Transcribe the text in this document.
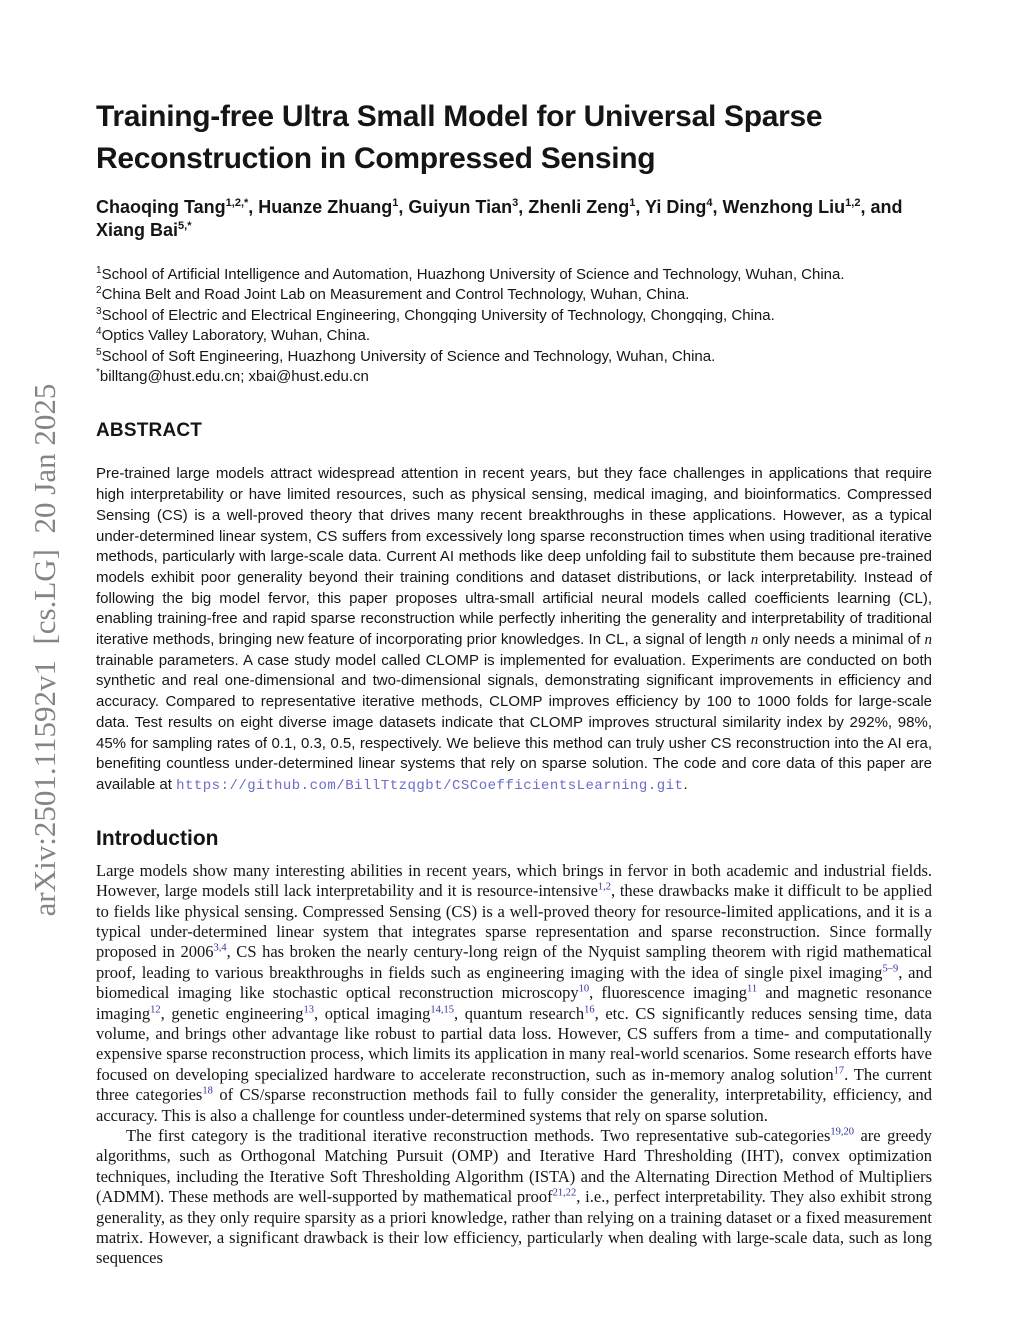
arXiv:2501.11592v1  [cs.LG]  20 Jan 2025
Training-free Ultra Small Model for Universal Sparse Reconstruction in Compressed Sensing

Chaoqing Tang$^{1,2,*}$, Huanze Zhuang$^1$, Guiyun Tian$^3$, Zhenli Zeng$^1$, Yi Ding$^4$, Wenzhong Liu$^{1,2}$, and Xiang Bai$^{5,*}$

$^1$School of Artificial Intelligence and Automation, Huazhong University of Science and Technology, Wuhan, China.

$^2$China Belt and Road Joint Lab on Measurement and Control Technology, Wuhan, China.

$^3$School of Electric and Electrical Engineering, Chongqing University of Technology, Chongqing, China.

$^4$Optics Valley Laboratory, Wuhan, China.

$^5$School of Soft Engineering, Huazhong University of Science and Technology, Wuhan, China.

*billtang@hust.edu.cn; xbai@hust.edu.cn

ABSTRACT

Pre-trained large models attract widespread attention in recent years, but they face challenges in applications that require high interpretability or have limited resources, such as physical sensing, medical imaging, and bioinformatics. Compressed Sensing (CS) is a well-proved theory that drives many recent breakthroughs in these applications. However, as a typical under-determined linear system, CS suffers from excessively long sparse reconstruction times when using traditional iterative methods, particularly with large-scale data. Current AI methods like deep unfolding fail to substitute them because pre-trained models exhibit poor generality beyond their training conditions and dataset distributions, or lack interpretability. Instead of following the big model fervor, this paper proposes ultra-small artificial neural models called coefficients learning (CL), enabling training-free and rapid sparse reconstruction while perfectly inheriting the generality and interpretability of traditional iterative methods, bringing new feature of incorporating prior knowledges. In CL, a signal of length n only needs a minimal of n trainable parameters. A case study model called CLOMP is implemented for evaluation. Experiments are conducted on both synthetic and real one-dimensional and two-dimensional signals, demonstrating significant improvements in efficiency and accuracy. Compared to representative iterative methods, CLOMP improves efficiency by 100 to 1000 folds for large-scale data. Test results on eight diverse image datasets indicate that CLOMP improves structural similarity index by 292%, 98%, 45% for sampling rates of 0.1, 0.3, 0.5, respectively. We believe this method can truly usher CS reconstruction into the AI era, benefiting countless under-determined linear systems that rely on sparse solution. The code and core data of this paper are available at https://github.com/BillTtzqgbt/CSCoefficientsLearning.git.

Introduction

Large models show many interesting abilities in recent years, which brings in fervor in both academic and industrial fields. However, large models still lack interpretability and it is resource-intensive$^{1,2}$, these drawbacks make it difficult to be applied to fields like physical sensing. Compressed Sensing (CS) is a well-proved theory for resource-limited applications, and it is a typical under-determined linear system that integrates sparse representation and sparse reconstruction. Since formally proposed in 2006$^{3,4}$, CS has broken the nearly century-long reign of the Nyquist sampling theorem with rigid mathematical proof, leading to various breakthroughs in fields such as engineering imaging with the idea of single pixel imaging$^{5-9}$, and biomedical imaging like stochastic optical reconstruction microscopy$^{10}$, fluorescence imaging$^{11}$ and magnetic resonance imaging$^{12}$, genetic engineering$^{13}$, optical imaging$^{14,15}$, quantum research$^{16}$, etc. CS significantly reduces sensing time, data volume, and brings other advantage like robust to partial data loss. However, CS suffers from a time- and computationally expensive sparse reconstruction process, which limits its application in many real-world scenarios. Some research efforts have focused on developing specialized hardware to accelerate reconstruction, such as in-memory analog solution$^{17}$. The current three categories$^{18}$ of CS/sparse reconstruction methods fail to fully consider the generality, interpretability, efficiency, and accuracy. This is also a challenge for countless under-determined systems that rely on sparse solution.

The first category is the traditional iterative reconstruction methods. Two representative sub-categories$^{19,20}$ are greedy algorithms, such as Orthogonal Matching Pursuit (OMP) and Iterative Hard Thresholding (IHT), convex optimization techniques, including the Iterative Soft Thresholding Algorithm (ISTA) and the Alternating Direction Method of Multipliers (ADMM). These methods are well-supported by mathematical proof$^{21,22}$, i.e., perfect interpretability. They also exhibit strong generality, as they only require sparsity as a priori knowledge, rather than relying on a training dataset or a fixed measurement matrix. However, a significant drawback is their low efficiency, particularly when dealing with large-scale data, such as long sequences
